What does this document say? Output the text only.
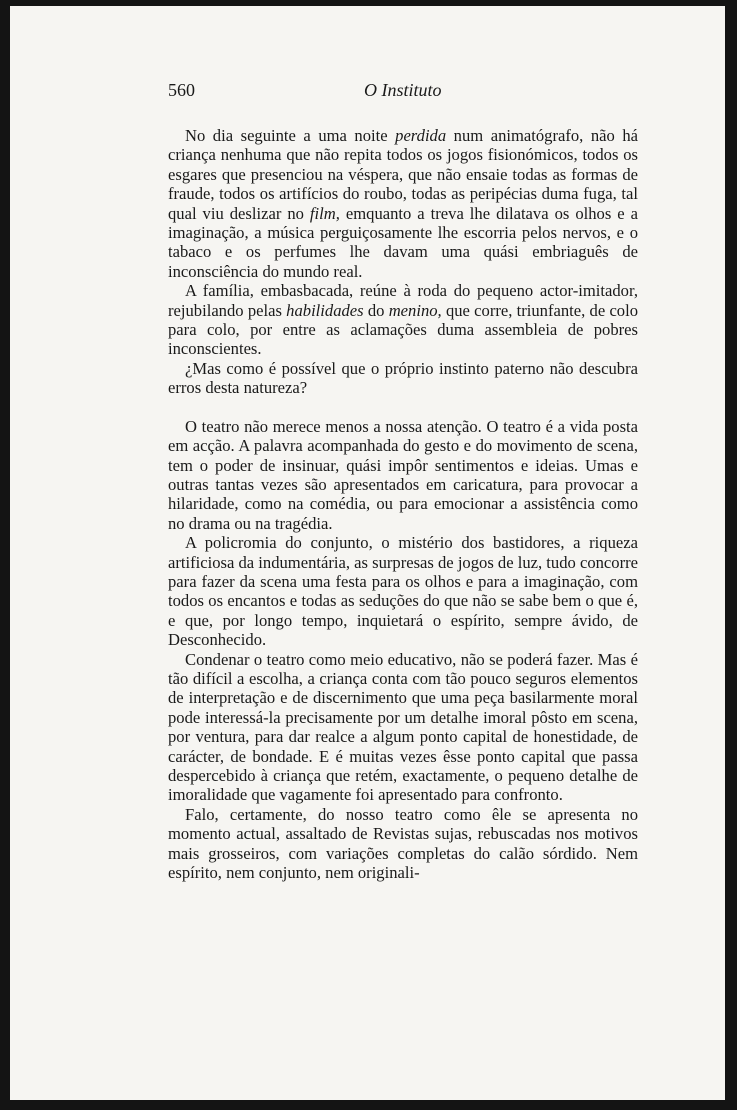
560	O Instituto

No dia seguinte a uma noite perdida num animatógrafo, não há criança nenhuma que não repita todos os jogos fisionómicos, todos os esgares que presenciou na véspera, que não ensaie todas as formas de fraude, todos os artifícios do roubo, todas as peripécias duma fuga, tal qual viu deslizar no film, emquanto a treva lhe dilatava os olhos e a imaginação, a música perguiçosamente lhe escorria pelos nervos, e o tabaco e os perfumes lhe davam uma quási embriaguês de inconsciência do mundo real.

A família, embasbacada, reúne à roda do pequeno actor-imitador, rejubilando pelas habilidades do menino, que corre, triunfante, de colo para colo, por entre as aclamações duma assembleia de pobres inconscientes.

¿Mas como é possível que o próprio instinto paterno não descubra erros desta natureza?

O teatro não merece menos a nossa atenção. O teatro é a vida posta em acção. A palavra acompanhada do gesto e do movimento de scena, tem o poder de insinuar, quási impôr sentimentos e ideias. Umas e outras tantas vezes são apresentados em caricatura, para provocar a hilaridade, como na comédia, ou para emocionar a assistência como no drama ou na tragédia.

A policromia do conjunto, o mistério dos bastidores, a riqueza artificiosa da indumentária, as surpresas de jogos de luz, tudo concorre para fazer da scena uma festa para os olhos e para a imaginação, com todos os encantos e todas as seduções do que não se sabe bem o que é, e que, por longo tempo, inquietará o espírito, sempre ávido, de Desconhecido.

Condenar o teatro como meio educativo, não se poderá fazer. Mas é tão difícil a escolha, a criança conta com tão pouco seguros elementos de interpretação e de discernimento que uma peça basilarmente moral pode interessá-la precisamente por um detalhe imoral pôsto em scena, por ventura, para dar realce a algum ponto capital de honestidade, de carácter, de bondade. E é muitas vezes êsse ponto capital que passa despercebido à criança que retém, exactamente, o pequeno detalhe de imoralidade que vagamente foi apresentado para confronto.

Falo, certamente, do nosso teatro como êle se apresenta no momento actual, assaltado de Revistas sujas, rebuscadas nos motivos mais grosseiros, com variações completas do calão sórdido. Nem espírito, nem conjunto, nem originali-
